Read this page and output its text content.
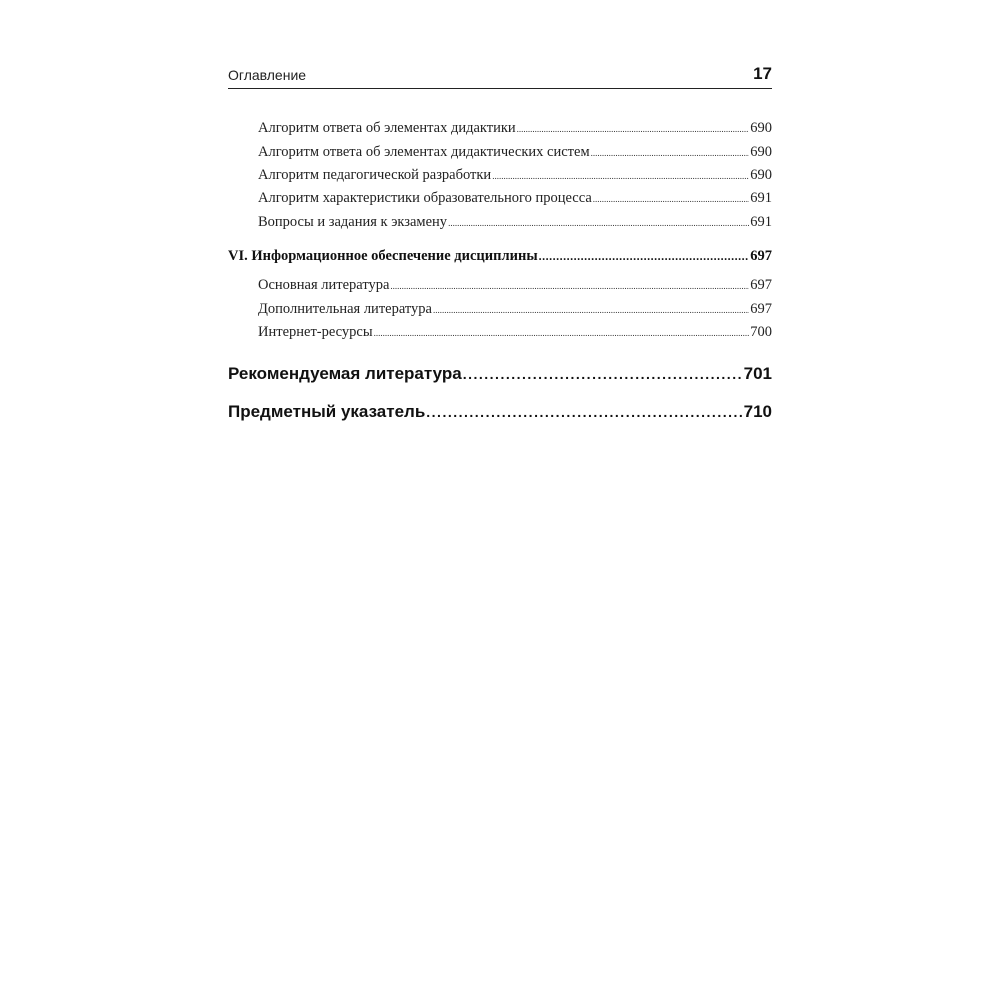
Оглавление	17
Алгоритм ответа об элементах дидактики .....	690
Алгоритм ответа об элементах дидактических систем .....	690
Алгоритм педагогической разработки .....	690
Алгоритм характеристики образовательного процесса .....	691
Вопросы и задания к экзамену .....	691
VI. Информационное обеспечение дисциплины .....	697
Основная литература .....	697
Дополнительная литература .....	697
Интернет-ресурсы .....	700
Рекомендуемая литература .....	701
Предметный указатель .....	710
